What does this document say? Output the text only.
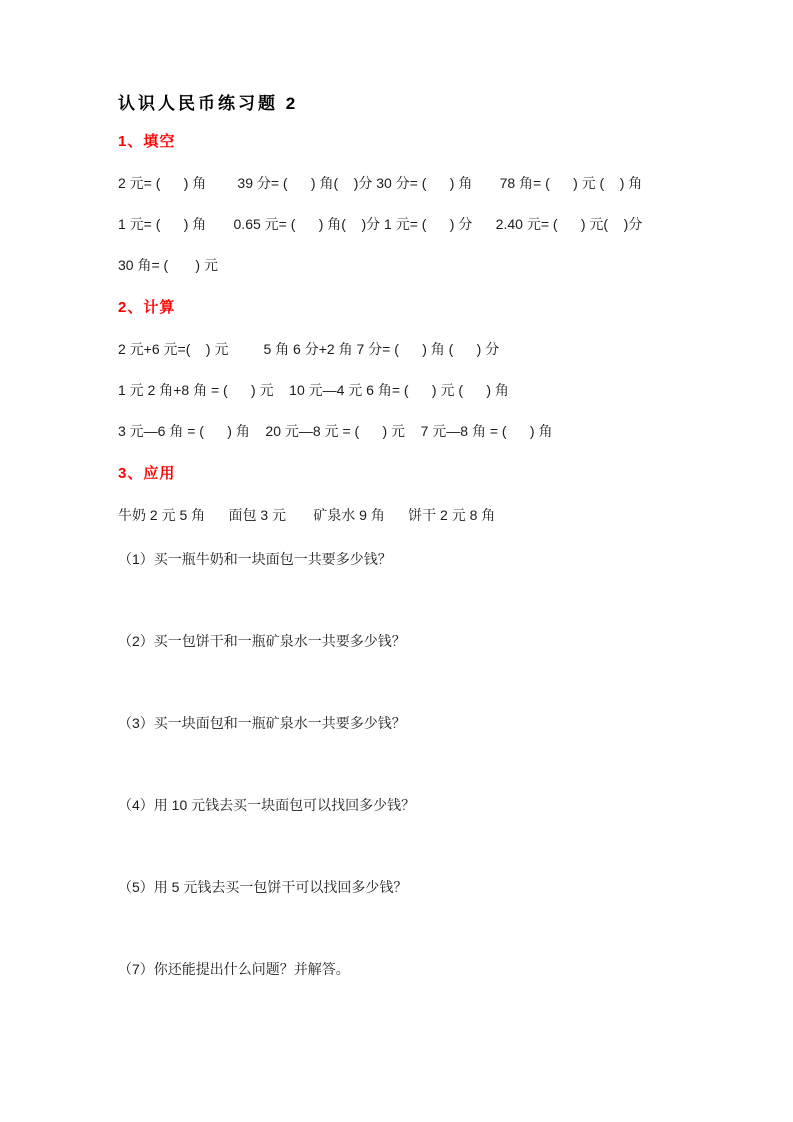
认识人民币练习题 2
1、填空
2 元= (      ) 角        39 分= (      ) 角(    )分 30 分= (      ) 角       78 角= (      ) 元 (    ) 角
1 元= (      ) 角       0.65 元= (      ) 角(    )分 1 元= (      ) 分      2.40 元= (      ) 元(    )分
30 角= (       ) 元
2、计算
2 元+6 元=(    ) 元         5 角 6 分+2 角 7 分= (      ) 角 (      ) 分
1 元 2 角+8 角 = (      ) 元    10 元—4 元 6 角= (      ) 元 (      ) 角
3 元—6 角 = (      ) 角    20 元—8 元 = (      ) 元    7 元—8 角 = (      ) 角
3、应用
牛奶 2 元 5 角      面包 3 元       矿泉水 9 角      饼干 2 元 8 角
（1）买一瓶牛奶和一块面包一共要多少钱？
（2）买一包饼干和一瓶矿泉水一共要多少钱？
（3）买一块面包和一瓶矿泉水一共要多少钱？
（4）用 10 元钱去买一块面包可以找回多少钱？
（5）用 5 元钱去买一包饼干可以找回多少钱？
（7）你还能提出什么问题？并解答。
